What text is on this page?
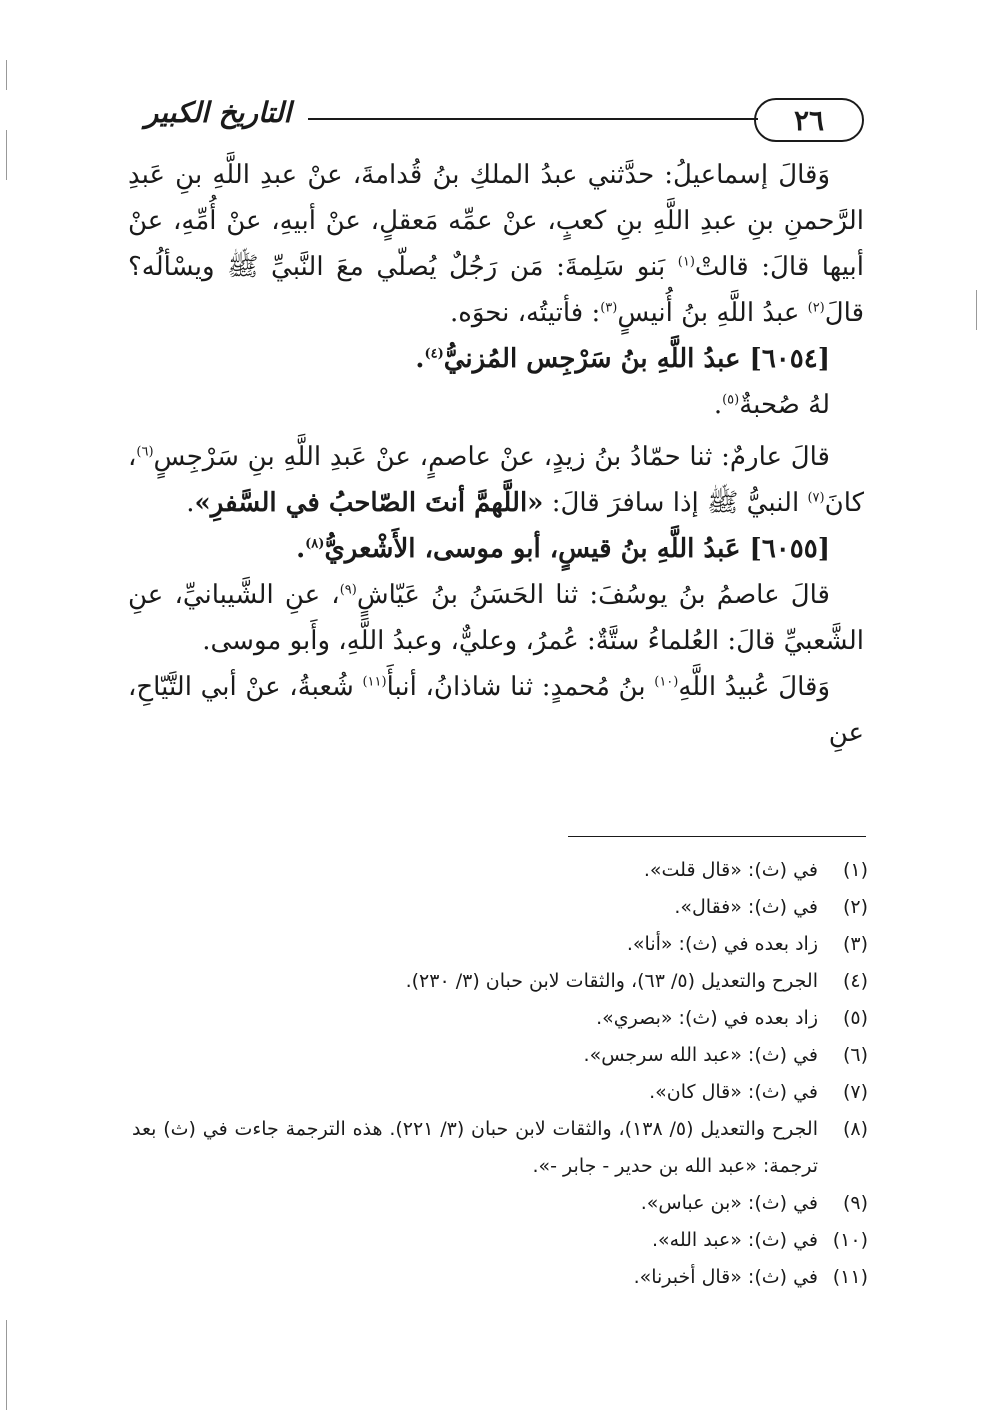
٢٦
التاريخ الكبير

وَقالَ إسماعيلُ: حدَّثني عبدُ الملكِ بنُ قُدامةَ، عنْ عبدِ اللَّهِ بنِ عَبدِ الرَّحمنِ بنِ عبدِ اللَّهِ بنِ كعبٍ، عنْ عمِّه مَعقلٍ، عنْ أبيهِ، عنْ أُمِّهِ، عنْ أبيها قالَ: قالتْ$^{(١)}$ بَنو سَلِمةَ: مَن رَجُلٌ يُصلّي معَ النَّبيِّ ﷺ ويسْألُه؟ قالَ$^{(٢)}$ عبدُ اللَّهِ بنُ أُنيسٍ$^{(٣)}$: فأتيتُه، نحوَه.

[٦٠٥٤] عبدُ اللَّهِ بنُ سَرْجِس المُزنيُّ$^{(٤)}$.

لهُ صُحبةٌ$^{(٥)}$.

قالَ عارمٌ: ثنا حمّادُ بنُ زيدٍ، عنْ عاصمٍ، عنْ عَبدِ اللَّهِ بنِ سَرْجِسٍ$^{(٦)}$، كانَ$^{(٧)}$ النبيُّ ﷺ إذا سافرَ قالَ: «اللَّهمَّ أنتَ الصّاحبُ في السَّفرِ».

[٦٠٥٥] عَبدُ اللَّهِ بنُ قيسٍ، أبو موسى، الأَشْعريُّ$^{(٨)}$.

قالَ عاصمُ بنُ يوسُفَ: ثنا الحَسَنُ بنُ عَيّاشٍ$^{(٩)}$، عنِ الشَّيبانيِّ، عنِ الشَّعبيِّ قالَ: العُلماءُ ستَّةٌ: عُمرُ، وعليٌّ، وعبدُ اللَّهِ، وأَبو موسى.

وَقالَ عُبيدُ اللَّهِ$^{(١٠)}$ بنُ مُحمدٍ: ثنا شاذانُ، أنبأَ$^{(١١)}$ شُعبةُ، عنْ أبي التَّيّاحِ، عنِ

(١)
في (ث): «قال قلت».
(٢)
في (ث): «فقال».
(٣)
زاد بعده في (ث): «أنا».
(٤)
الجرح والتعديل (٥/ ٦٣)، والثقات لابن حبان (٣/ ٢٣٠).
(٥)
زاد بعده في (ث): «بصري».
(٦)
في (ث): «عبد الله سرجس».
(٧)
في (ث): «قال كان».
(٨)
الجرح والتعديل (٥/ ١٣٨)، والثقات لابن حبان (٣/ ٢٢١). هذه الترجمة جاءت في (ث) بعد ترجمة: «عبد الله بن حدير - جابر -».
(٩)
في (ث): «بن عباس».
(١٠)
في (ث): «عبد الله».
(١١)
في (ث): «قال أخبرنا».
